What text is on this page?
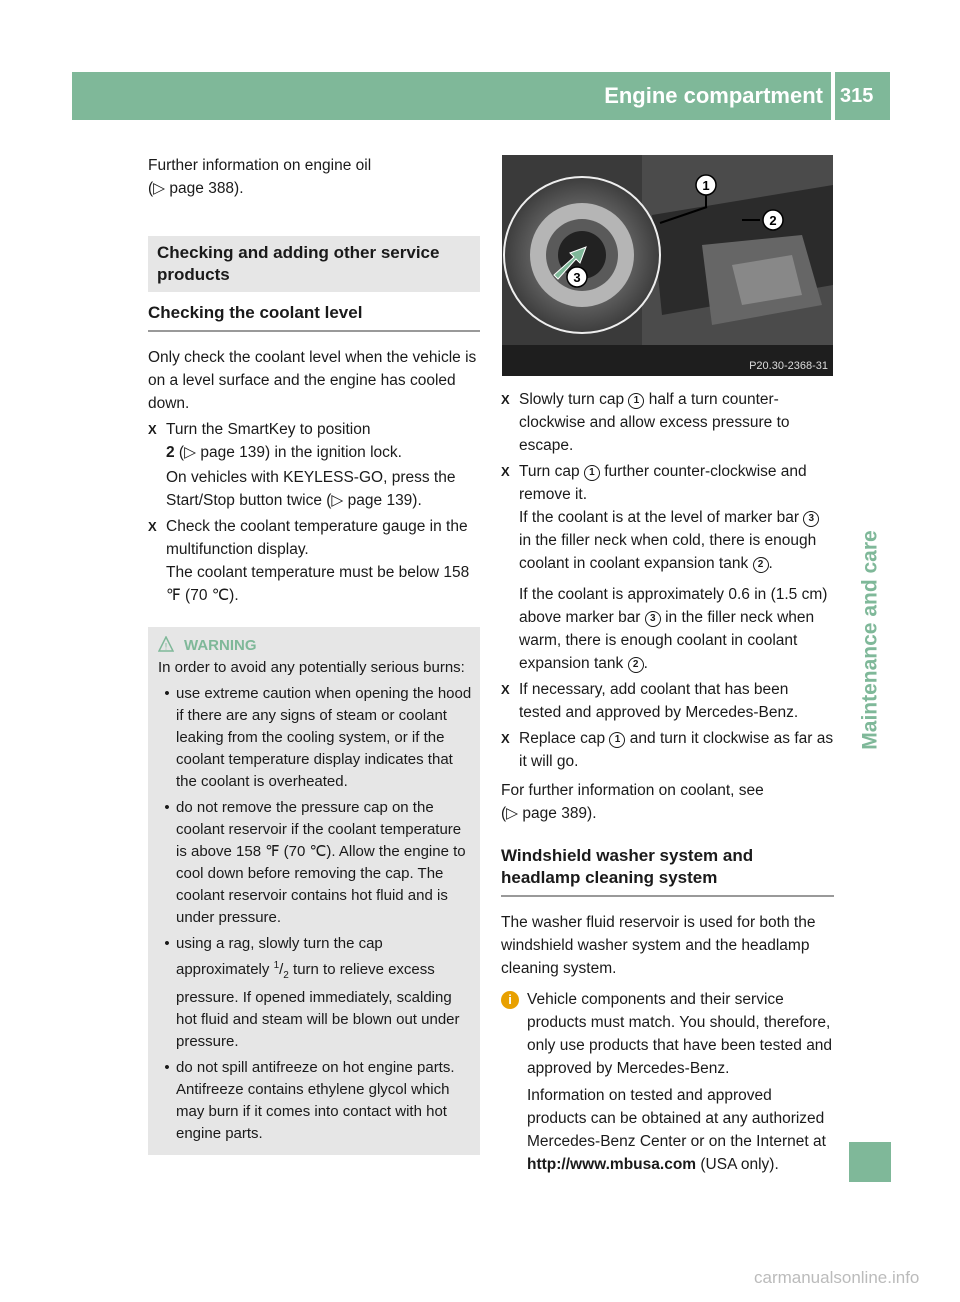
Engine compartment 315
Maintenance and care

Further information on engine oil
(▷ page 388).

Checking and adding other service products
Checking the coolant level

Only check the coolant level when the vehicle is on a level surface and the engine has cooled down.

X Turn the SmartKey to position
2 (▷ page 139) in the ignition lock.

On vehicles with KEYLESS-GO, press the Start/Stop button twice (▷ page 139).
X Check the coolant temperature gauge in the multifunction display.
The coolant temperature must be below 158 ℉ (70 ℃).
! WARNING

In order to avoid any potentially serious burns:

• use extreme caution when opening the hood if there are any signs of steam or coolant leaking from the cooling system, or if the coolant temperature display indicates that the coolant is overheated.
• do not remove the pressure cap on the coolant reservoir if the coolant temperature is above 158 ℉ (70 ℃). Allow the engine to cool down before removing the cap. The coolant reservoir contains hot fluid and is under pressure.
• using a rag, slowly turn the cap approximately $^1/_2$ turn to relieve excess pressure. If opened immediately, scalding hot fluid and steam will be blown out under pressure.
• do not spill antifreeze on hot engine parts. Antifreeze contains ethylene glycol which may burn if it comes into contact with hot engine parts.
1
2
3
P20.30-2368-31
X Slowly turn cap 1 half a turn counter-clockwise and allow excess pressure to escape.
X Turn cap 1 further counter-clockwise and remove it.
If the coolant is at the level of marker bar 3 in the filler neck when cold, there is enough coolant in coolant expansion tank 2 .
If the coolant is approximately 0.6 in (1.5 cm) above marker bar 3 in the filler neck when warm, there is enough coolant in coolant expansion tank 2 .
X If necessary, add coolant that has been tested and approved by Mercedes-Benz.
X Replace cap 1 and turn it clockwise as far as it will go.

For further information on coolant, see
(▷ page 389).

Windshield washer system and headlamp cleaning system

The washer fluid reservoir is used for both the windshield washer system and the headlamp cleaning system.

i Vehicle components and their service products must match. You should, therefore, only use products that have been tested and approved by Mercedes-Benz.

Information on tested and approved products can be obtained at any authorized Mercedes-Benz Center or on the Internet at http://www.mbusa.com (USA only).

carmanualsonline.info
